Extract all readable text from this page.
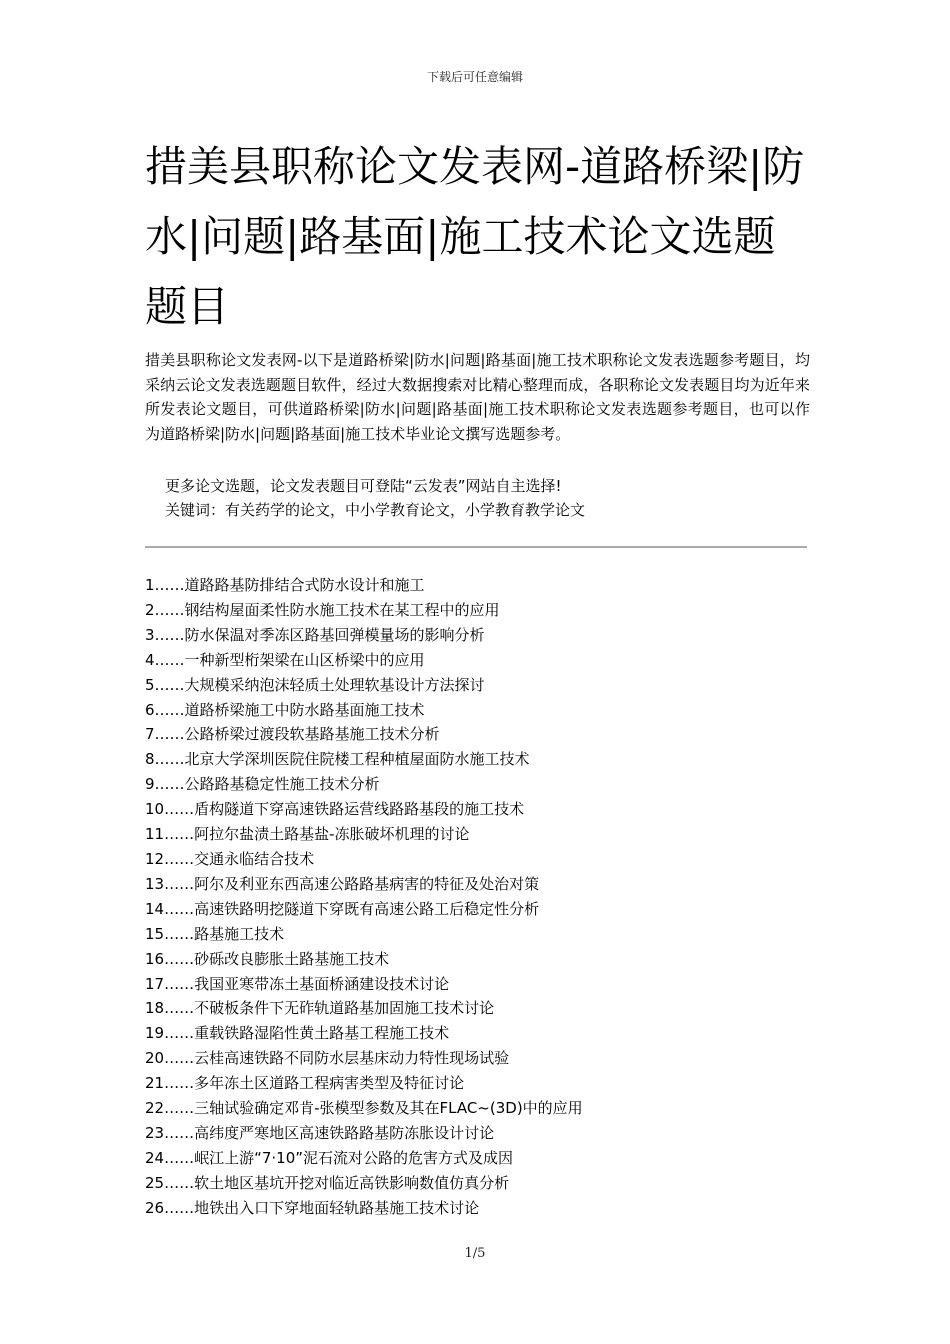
下载后可任意编辑
措美县职称论文发表网-道路桥梁|防水|问题|路基面|施工技术论文选题题目

措美县职称论文发表网-以下是道路桥梁|防水|问题|路基面|施工技术职称论文发表选题参考题目，均采纳云论文发表选题题目软件，经过大数据搜索对比精心整理而成，各职称论文发表题目均为近年来所发表论文题目，可供道路桥梁|防水|问题|路基面|施工技术职称论文发表选题参考题目，也可以作为道路桥梁|防水|问题|路基面|施工技术毕业论文撰写选题参考。

更多论文选题，论文发表题目可登陆“云发表”网站自主选择!
关键词：有关药学的论文，中小学教育论文，小学教育教学论文
1……道路路基防排结合式防水设计和施工
2……钢结构屋面柔性防水施工技术在某工程中的应用
3……防水保温对季冻区路基回弹模量场的影响分析
4……一种新型桁架梁在山区桥梁中的应用
5……大规模采纳泡沫轻质土处理软基设计方法探讨
6……道路桥梁施工中防水路基面施工技术
7……公路桥梁过渡段软基路基施工技术分析
8……北京大学深圳医院住院楼工程种植屋面防水施工技术
9……公路路基稳定性施工技术分析
10……盾构隧道下穿高速铁路运营线路路基段的施工技术
11……阿拉尔盐渍土路基盐-冻胀破坏机理的讨论
12……交通永临结合技术
13……阿尔及利亚东西高速公路路基病害的特征及处治对策
14……高速铁路明挖隧道下穿既有高速公路工后稳定性分析
15……路基施工技术
16……砂砾改良膨胀土路基施工技术
17……我国亚寒带冻土基面桥涵建设技术讨论
18……不破板条件下无砟轨道路基加固施工技术讨论
19……重载铁路湿陷性黄土路基工程施工技术
20……云桂高速铁路不同防水层基床动力特性现场试验
21……多年冻土区道路工程病害类型及特征讨论
22……三轴试验确定邓肯-张模型参数及其在FLAC~(3D)中的应用
23……高纬度严寒地区高速铁路路基防冻胀设计讨论
24……岷江上游“7·10”泥石流对公路的危害方式及成因
25……软土地区基坑开挖对临近高铁影响数值仿真分析
26……地铁出入口下穿地面轻轨路基施工技术讨论
1/5
